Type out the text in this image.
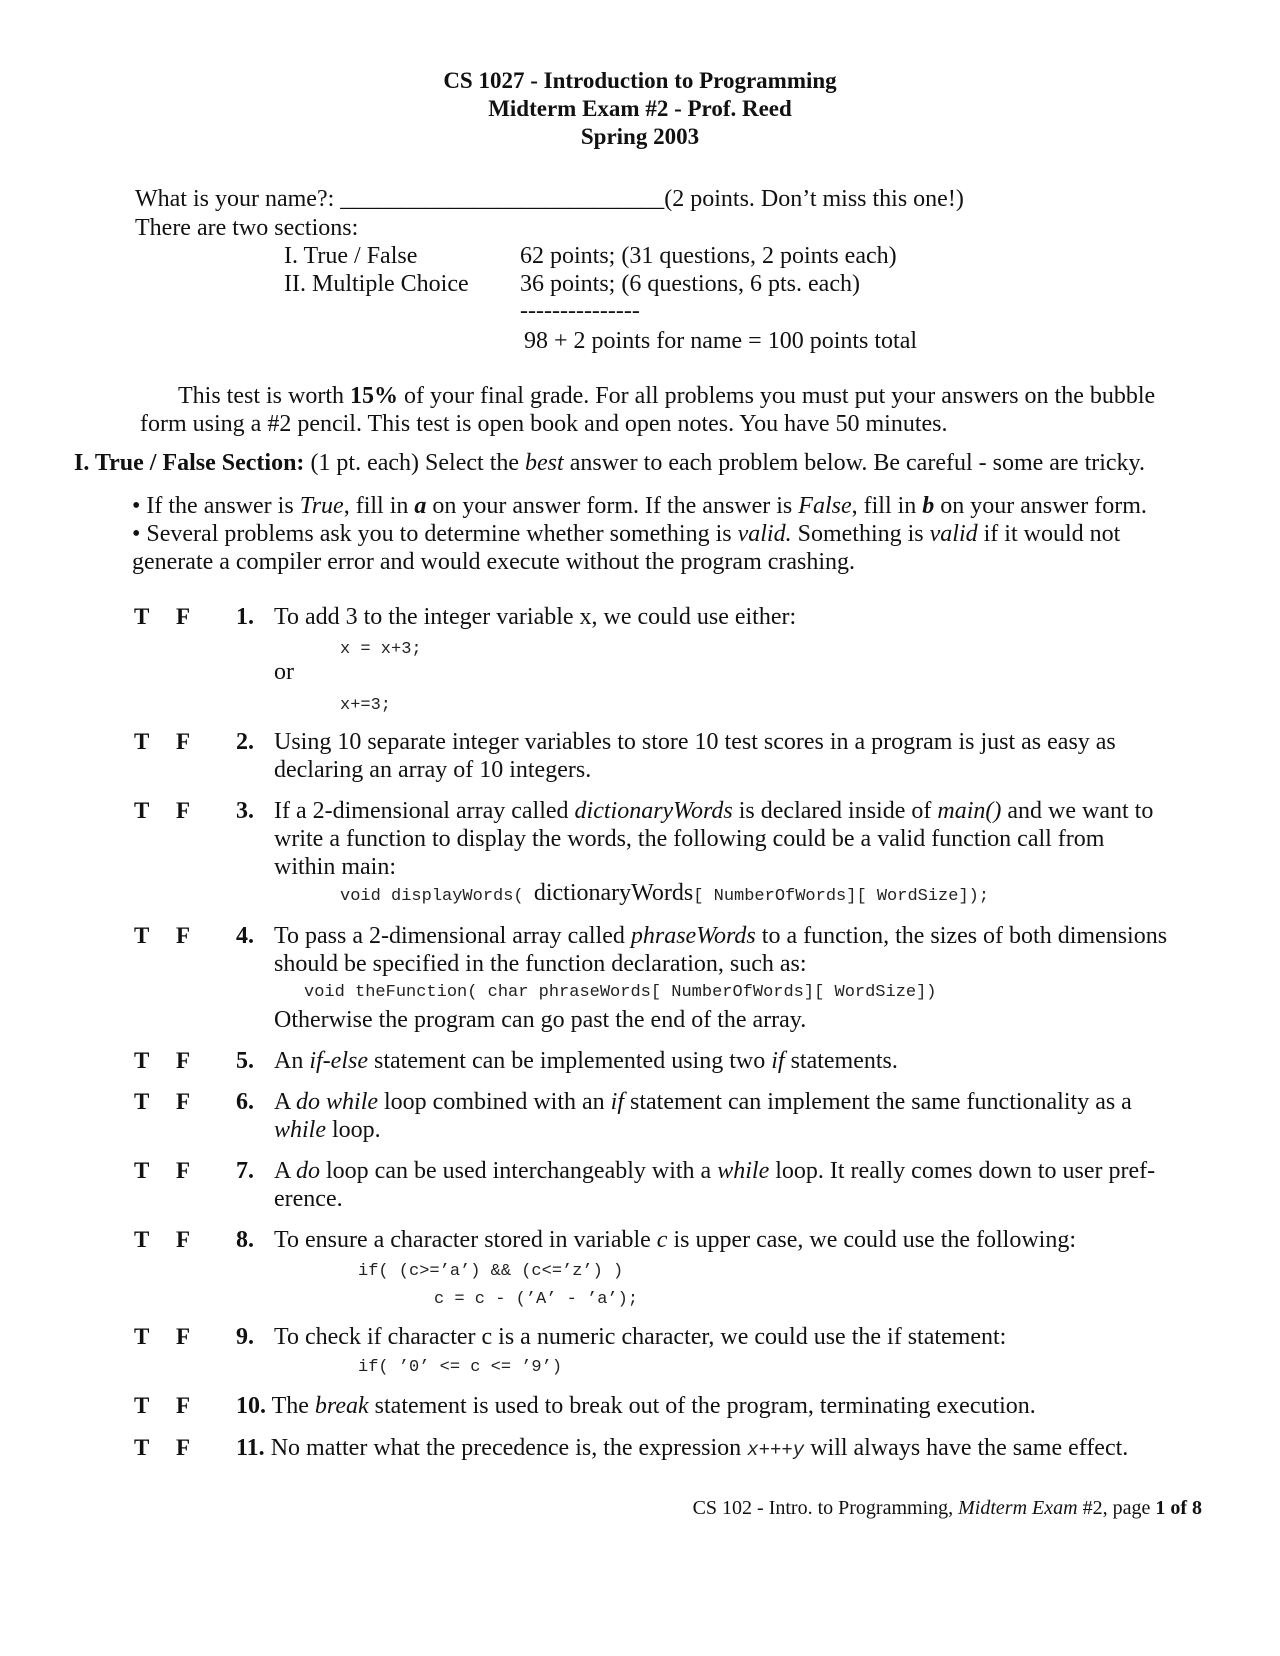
CS 1027 - Introduction to Programming
Midterm Exam #2 - Prof. Reed
Spring 2003
What is your name?: ___________________________(2 points. Don’t miss this one!)
There are two sections:
I. True / False	62 points; (31 questions, 2 points each)
II. Multiple Choice 36 points; (6 questions, 6 pts. each)
---------------
98 + 2 points for name = 100 points total
This test is worth 15% of your final grade. For all problems you must put your answers on the bubble
form using a #2 pencil. This test is open book and open notes. You have 50 minutes.
I. True / False Section: (1 pt. each) Select the best answer to each problem below. Be careful - some are tricky.
• If the answer is True, fill in a on your answer form. If the answer is False, fill in b on your answer form.
• Several problems ask you to determine whether something is valid. Something is valid if it would not
generate a compiler error and would execute without the program crashing.
T F 1. To add 3 to the integer variable x, we could use either:
x = x+3;
or
x+=3;
T F 2. Using 10 separate integer variables to store 10 test scores in a program is just as easy as
declaring an array of 10 integers.
T F 3. If a 2-dimensional array called dictionaryWords is declared inside of main() and we want to
write a function to display the words, the following could be a valid function call from
within main:
void displayWords( dictionaryWords[ NumberOfWords][ WordSize]);
T F 4. To pass a 2-dimensional array called phraseWords to a function, the sizes of both dimensions
should be specified in the function declaration, such as:
void theFunction( char phraseWords[ NumberOfWords][ WordSize])
Otherwise the program can go past the end of the array.
T F 5. An if-else statement can be implemented using two if statements.
T F 6. A do while loop combined with an if statement can implement the same functionality as a
while loop.
T F 7. A do loop can be used interchangeably with a while loop. It really comes down to user pref-
erence.
T F 8. To ensure a character stored in variable c is upper case, we could use the following:
if( (c>=’a’) && (c<=’z’) )
c = c - (’A’ - ’a’);
T F 9. To check if character c is a numeric character, we could use the if statement:
if( ’0’ <= c <= ’9’)
T F 10. The break statement is used to break out of the program, terminating execution.
T F 11. No matter what the precedence is, the expression x+++y will always have the same effect.
CS 102 - Intro. to Programming, Midterm Exam #2, page 1 of 8
